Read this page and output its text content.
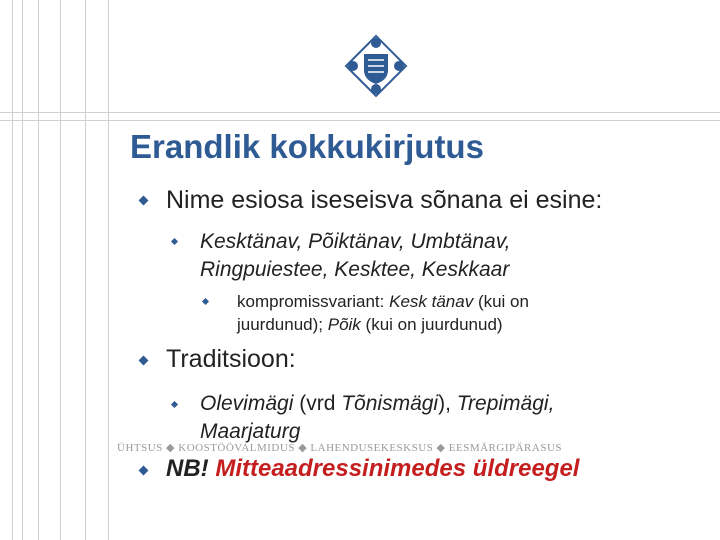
Erandlik kokkukirjutus
Nime esiosa iseseisva sõnana ei esine:
Kesktänav, Põiktänav, Umbtänav,
Ringpuiestee, Kesktee, Keskkaar
kompromissvariant: Kesk tänav (kui on
juurdunud); Põik (kui on juurdunud)
Traditsioon:
Olevimägi (vrd Tõnismägi), Trepimägi,
Maarjaturg
ÜHTSUS ◆ KOOSTÖÖVALMIDUS ◆ LAHENDUSEKESKSUS ◆ EESMÄRGIPÄRASUS
NB! Mitteaadressinimedes üldreegel
